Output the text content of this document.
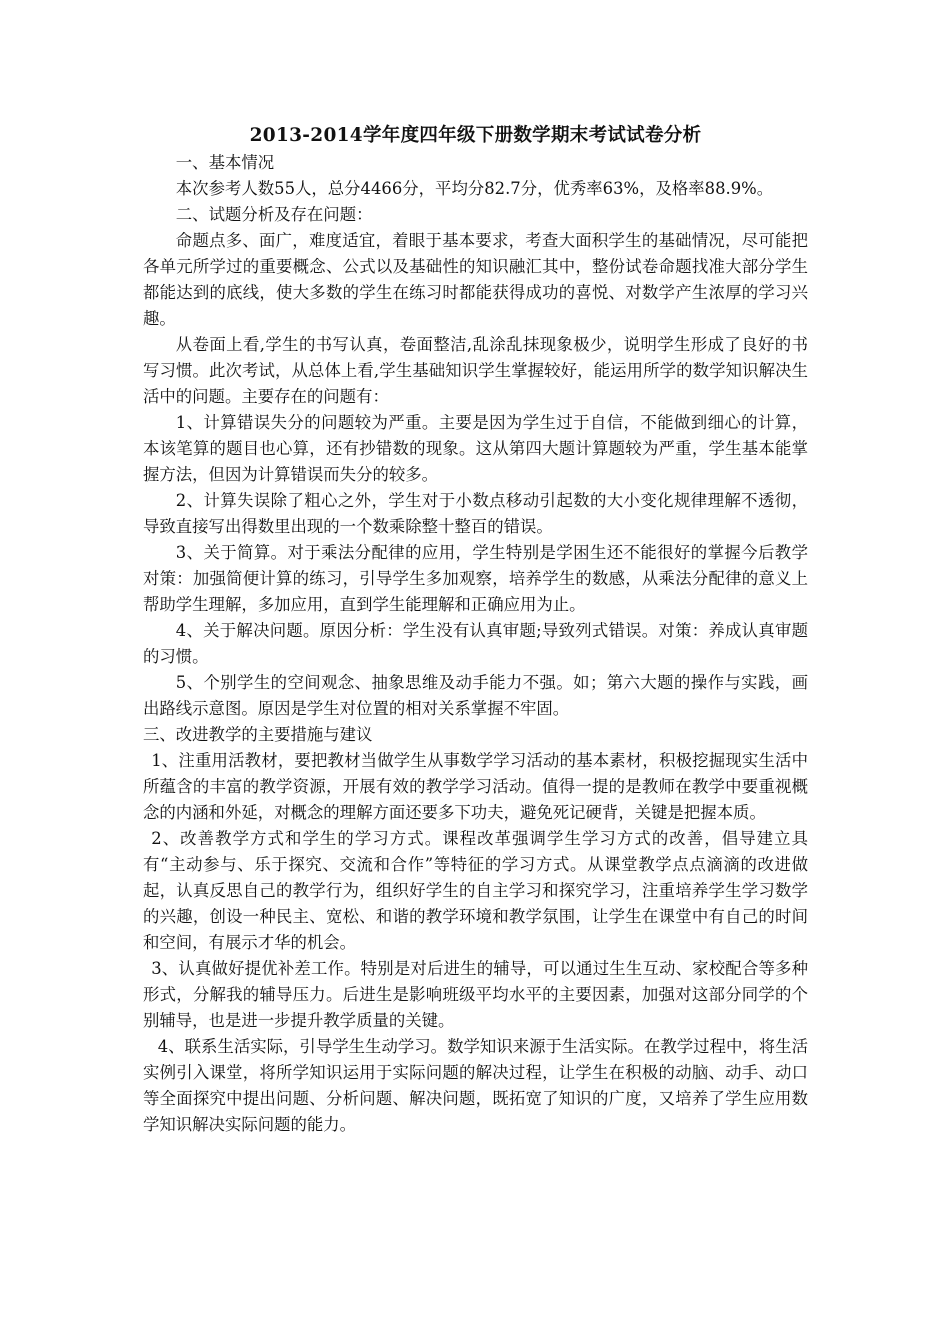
2013-2014学年度四年级下册数学期末考试试卷分析

一、基本情况

本次参考人数55人，总分4466分，平均分82.7分，优秀率63%，及格率88.9%。

二、试题分析及存在问题：

命题点多、面广，难度适宜，着眼于基本要求，考查大面积学生的基础情况，尽可能把各单元所学过的重要概念、公式以及基础性的知识融汇其中，整份试卷命题找准大部分学生都能达到的底线，使大多数的学生在练习时都能获得成功的喜悦、对数学产生浓厚的学习兴趣。

从卷面上看,学生的书写认真，卷面整洁,乱涂乱抹现象极少，说明学生形成了良好的书写习惯。此次考试，从总体上看,学生基础知识学生掌握较好，能运用所学的数学知识解决生活中的问题。主要存在的问题有：

1、计算错误失分的问题较为严重。主要是因为学生过于自信，不能做到细心的计算，本该笔算的题目也心算，还有抄错数的现象。这从第四大题计算题较为严重，学生基本能掌握方法，但因为计算错误而失分的较多。

2、计算失误除了粗心之外，学生对于小数点移动引起数的大小变化规律理解不透彻，导致直接写出得数里出现的一个数乘除整十整百的错误。

3、关于简算。对于乘法分配律的应用，学生特别是学困生还不能很好的掌握今后教学对策：加强简便计算的练习，引导学生多加观察，培养学生的数感，从乘法分配律的意义上帮助学生理解，多加应用，直到学生能理解和正确应用为止。

4、关于解决问题。原因分析：学生没有认真审题;导致列式错误。对策：养成认真审题的习惯。

5、个别学生的空间观念、抽象思维及动手能力不强。如；第六大题的操作与实践，画出路线示意图。原因是学生对位置的相对关系掌握不牢固。

三、改进教学的主要措施与建议

1、注重用活教材，要把教材当做学生从事数学学习活动的基本素材，积极挖掘现实生活中所蕴含的丰富的教学资源，开展有效的教学学习活动。值得一提的是教师在教学中要重视概念的内涵和外延，对概念的理解方面还要多下功夫，避免死记硬背，关键是把握本质。

2、改善教学方式和学生的学习方式。课程改革强调学生学习方式的改善，倡导建立具有“主动参与、乐于探究、交流和合作”等特征的学习方式。从课堂教学点点滴滴的改进做起，认真反思自己的教学行为，组织好学生的自主学习和探究学习，注重培养学生学习数学的兴趣，创设一种民主、宽松、和谐的教学环境和教学氛围，让学生在课堂中有自己的时间和空间，有展示才华的机会。

3、认真做好提优补差工作。特别是对后进生的辅导，可以通过生生互动、家校配合等多种形式，分解我的辅导压力。后进生是影响班级平均水平的主要因素，加强对这部分同学的个别辅导，也是进一步提升教学质量的关键。

4、联系生活实际，引导学生生动学习。数学知识来源于生活实际。在教学过程中，将生活实例引入课堂，将所学知识运用于实际问题的解决过程，让学生在积极的动脑、动手、动口等全面探究中提出问题、分析问题、解决问题，既拓宽了知识的广度，又培养了学生应用数学知识解决实际问题的能力。
